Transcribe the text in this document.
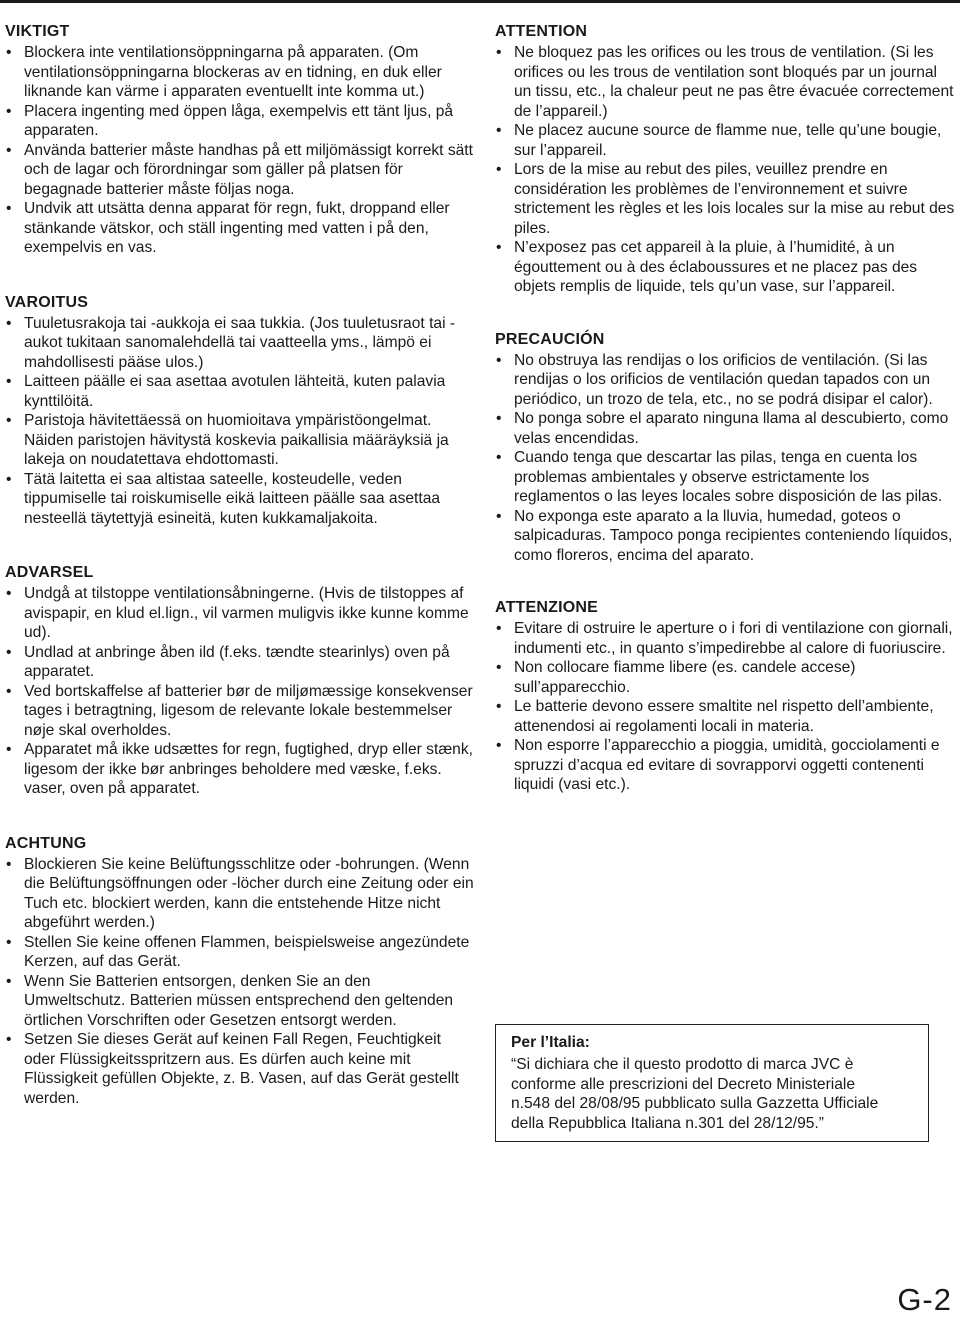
VIKTIGT
• Blockera inte ventilationsöppningarna på apparaten. (Om ventilationsöppningarna blockeras av en tidning, en duk eller liknande kan värme i apparaten eventuellt inte komma ut.)
• Placera ingenting med öppen låga, exempelvis ett tänt ljus, på apparaten.
• Använda batterier måste handhas på ett miljömässigt korrekt sätt och de lagar och förordningar som gäller på platsen för begagnade batterier måste följas noga.
• Undvik att utsätta denna apparat för regn, fukt, droppand eller stänkande vätskor, och ställ ingenting med vatten i på den, exempelvis en vas.
VAROITUS
• Tuuletusrakoja tai -aukkoja ei saa tukkia. (Jos tuuletusraot tai -aukot tukitaan sanomalehdellä tai vaatteella yms., lämpö ei mahdollisesti pääse ulos.)
• Laitteen päälle ei saa asettaa avotulen lähteitä, kuten palavia kynttilöitä.
• Paristoja hävitettäessä on huomioitava ympäristöongelmat. Näiden paristojen hävitystä koskevia paikallisia määräyksiä ja lakeja on noudatettava ehdottomasti.
• Tätä laitetta ei saa altistaa sateelle, kosteudelle, veden tippumiselle tai roiskumiselle eikä laitteen päälle saa asettaa nesteellä täytettyjä esineitä, kuten kukkamaljakoita.
ADVARSEL
• Undgå at tilstoppe ventilationsåbningerne. (Hvis de tilstoppes af avispapir, en klud el.lign., vil varmen muligvis ikke kunne komme ud).
• Undlad at anbringe åben ild (f.eks. tændte stearinlys) oven på apparatet.
• Ved bortskaffelse af batterier bør de miljømæssige konsekvenser tages i betragtning, ligesom de relevante lokale bestemmelser nøje skal overholdes.
• Apparatet må ikke udsættes for regn, fugtighed, dryp eller stænk, ligesom der ikke bør anbringes beholdere med væske, f.eks. vaser, oven på apparatet.
ACHTUNG
• Blockieren Sie keine Belüftungsschlitze oder -bohrungen. (Wenn die Belüftungsöffnungen oder -löcher durch eine Zeitung oder ein Tuch etc. blockiert werden, kann die entstehende Hitze nicht abgeführt werden.)
• Stellen Sie keine offenen Flammen, beispielsweise angezündete Kerzen, auf das Gerät.
• Wenn Sie Batterien entsorgen, denken Sie an den Umweltschutz. Batterien müssen entsprechend den geltenden örtlichen Vorschriften oder Gesetzen entsorgt werden.
• Setzen Sie dieses Gerät auf keinen Fall Regen, Feuchtigkeit oder Flüssigkeitsspritzern aus. Es dürfen auch keine mit Flüssigkeit gefüllen Objekte, z. B. Vasen, auf das Gerät gestellt werden.
ATTENTION
• Ne bloquez pas les orifices ou les trous de ventilation. (Si les orifices ou les trous de ventilation sont bloqués par un journal un tissu, etc., la chaleur peut ne pas être évacuée correctement de l’appareil.)
• Ne placez aucune source de flamme nue, telle qu’une bougie, sur l’appareil.
• Lors de la mise au rebut des piles, veuillez prendre en considération les problèmes de l’environnement et suivre strictement les règles et les lois locales sur la mise au rebut des piles.
• N’exposez pas cet appareil à la pluie, à l’humidité, à un égouttement ou à des éclaboussures et ne placez pas des objets remplis de liquide, tels qu’un vase, sur l’appareil.
PRECAUCIÓN
• No obstruya las rendijas o los orificios de ventilación. (Si las rendijas o los orificios de ventilación quedan tapados con un periódico, un trozo de tela, etc., no se podrá disipar el calor).
• No ponga sobre el aparato ninguna llama al descubierto, como velas encendidas.
• Cuando tenga que descartar las pilas, tenga en cuenta los problemas ambientales y observe estrictamente los reglamentos o las leyes locales sobre disposición de las pilas.
• No exponga este aparato a la lluvia, humedad, goteos o salpicaduras. Tampoco ponga recipientes conteniendo líquidos, como floreros, encima del aparato.
ATTENZIONE
• Evitare di ostruire le aperture o i fori di ventilazione con giornali, indumenti etc., in quanto s’impedirebbe al calore di fuoriuscire.
• Non collocare fiamme libere (es. candele accese) sull’apparecchio.
• Le batterie devono essere smaltite nel rispetto dell’ambiente, attenendosi ai regolamenti locali in materia.
• Non esporre l’apparecchio a pioggia, umidità, gocciolamenti e spruzzi d’acqua ed evitare di sovrapporvi oggetti contenenti liquidi (vasi etc.).

Per l’Italia:

“Si dichiara che il questo prodotto di marca JVC è
conforme alle prescrizioni del Decreto Ministeriale
n.548 del 28/08/95 pubblicato sulla Gazzetta Ufficiale
della Repubblica Italiana n.301 del 28/12/95.”

G-2
